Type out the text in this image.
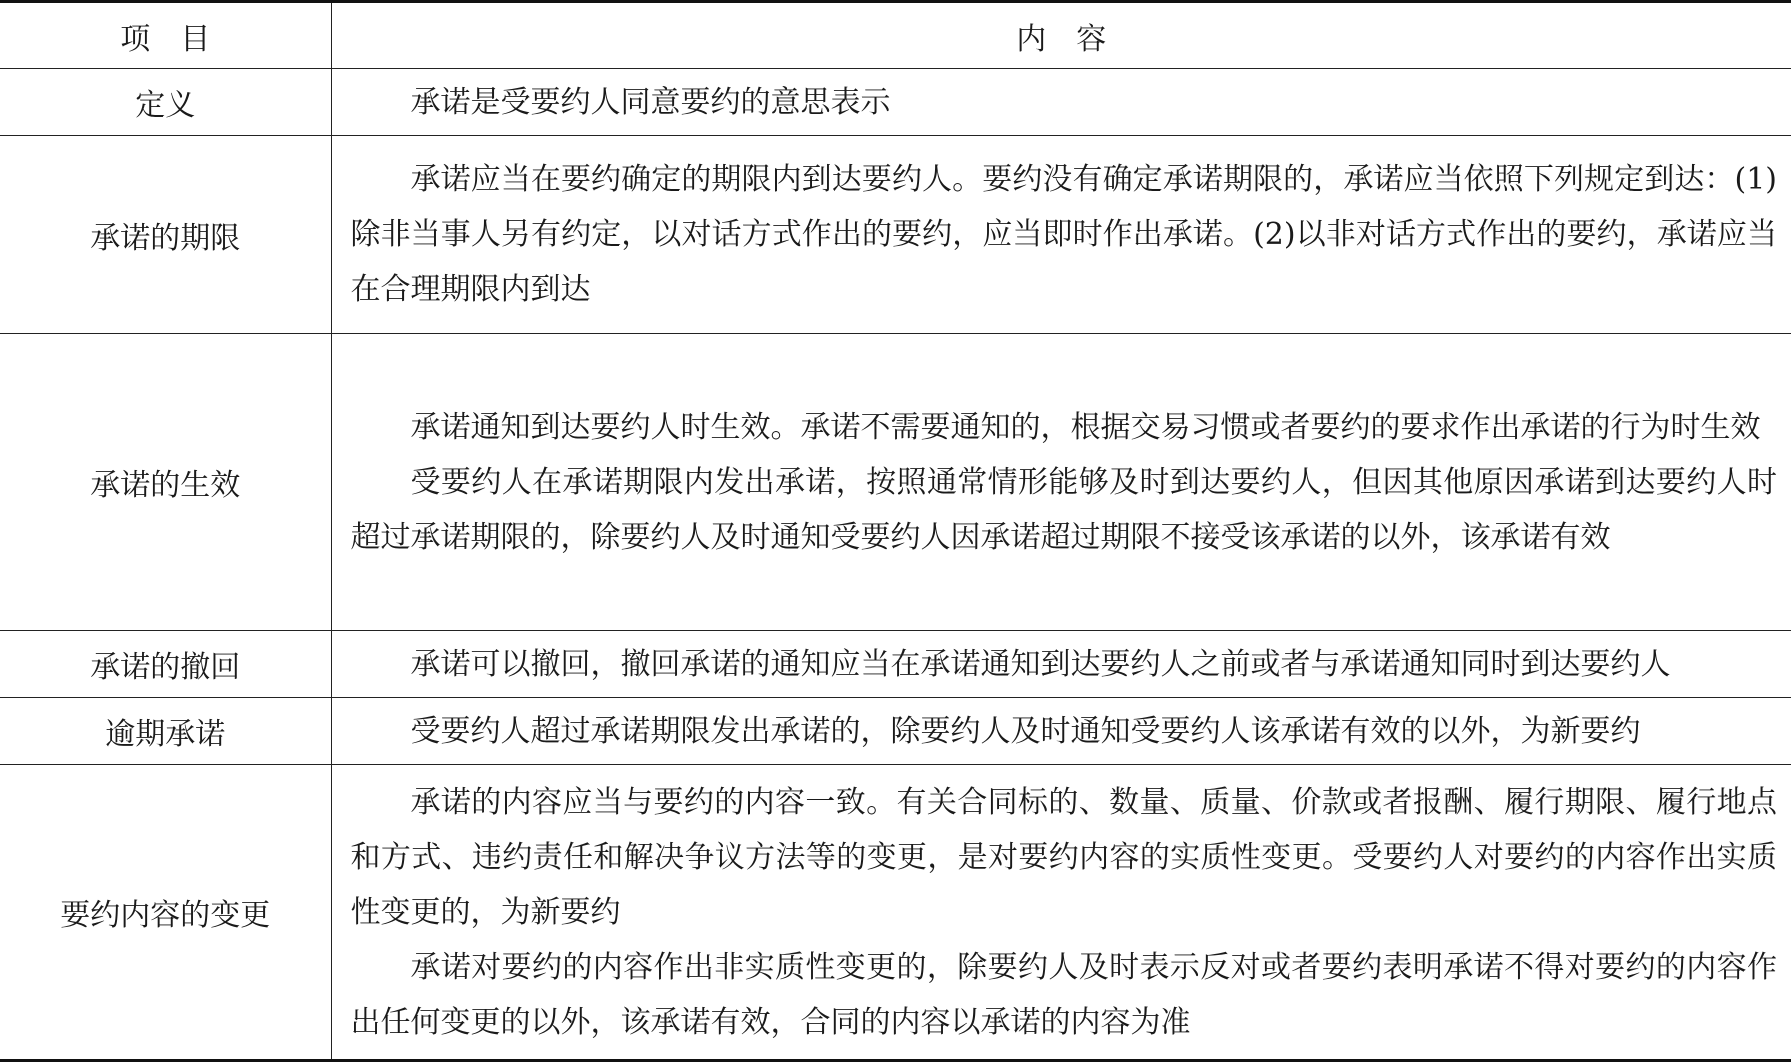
项　目	内　容
定义	承诺是受要约人同意要约的意思表示

承诺的期限	承诺应当在要约确定的期限内到达要约人。要约没有确定承诺期限的，承诺应当依照下列规定到达：(1)除非当事人另有约定，以对话方式作出的要约，应当即时作出承诺。(2)以非对话方式作出的要约，承诺应当在合理期限内到达

承诺的生效	承诺通知到达要约人时生效。承诺不需要通知的，根据交易习惯或者要约的要求作出承诺的行为时生效

受要约人在承诺期限内发出承诺，按照通常情形能够及时到达要约人，但因其他原因承诺到达要约人时超过承诺期限的，除要约人及时通知受要约人因承诺超过期限不接受该承诺的以外，该承诺有效

承诺的撤回	承诺可以撤回，撤回承诺的通知应当在承诺通知到达要约人之前或者与承诺通知同时到达要约人

逾期承诺	受要约人超过承诺期限发出承诺的，除要约人及时通知受要约人该承诺有效的以外，为新要约

要约内容的变更	承诺的内容应当与要约的内容一致。有关合同标的、数量、质量、价款或者报酬、履行期限、履行地点和方式、违约责任和解决争议方法等的变更，是对要约内容的实质性变更。受要约人对要约的内容作出实质性变更的，为新要约

承诺对要约的内容作出非实质性变更的，除要约人及时表示反对或者要约表明承诺不得对要约的内容作出任何变更的以外，该承诺有效，合同的内容以承诺的内容为准
